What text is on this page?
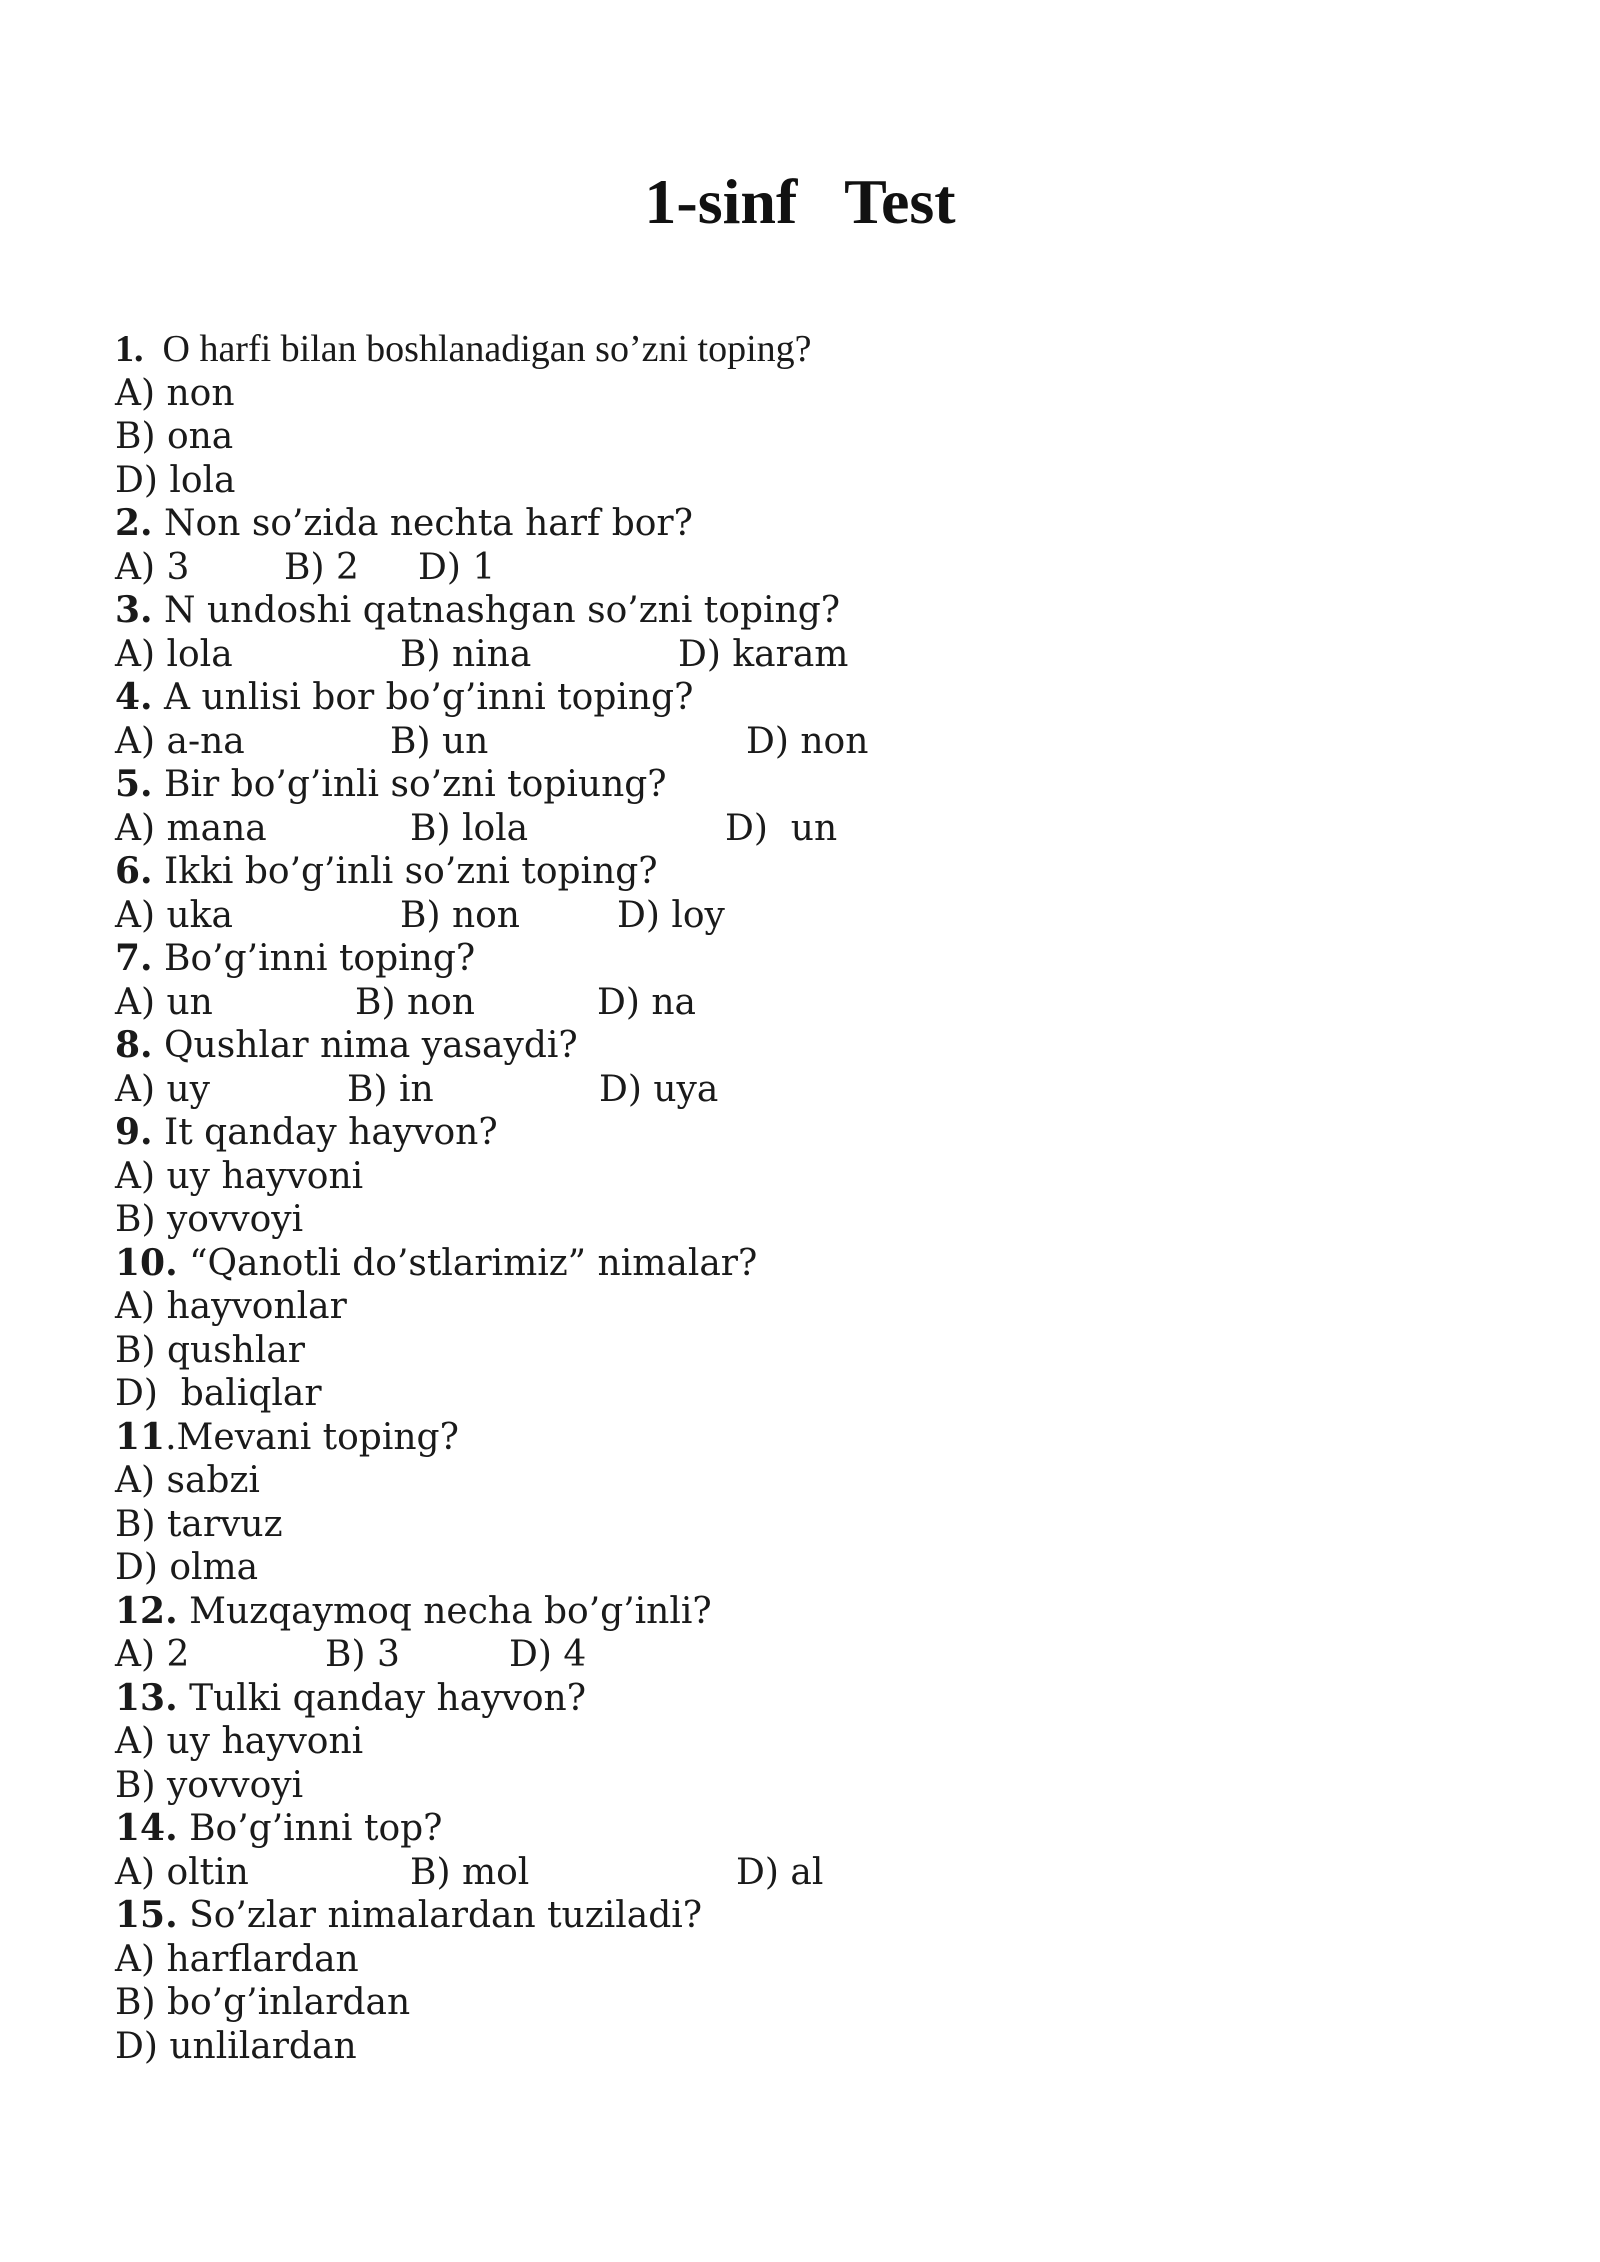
1-sinf   Test
1.  O harfi bilan boshlanadigan so’zni toping?
A) non
B) ona
D) lola
2. Non so’zida nechta harf bor?
A) 3	B) 2 D) 1
3. N undoshi qatnashgan so’zni toping?
A) lola	B) nina	D) karam
4. A unlisi bor bo’g’inni toping?
A) a-na	B) un	D) non
5. Bir bo’g’inli so’zni topiung?
A) mana	B) lola	D)  un
6. Ikki bo’g’inli so’zni toping?
A) uka	B) non	D) loy
7. Bo’g’inni toping?
A) un	B) non	D) na
8. Qushlar nima yasaydi?
A) uy	B) in	D) uya
9. It qanday hayvon?
A) uy hayvoni
B) yovvoyi
10. “Qanotli do’stlarimiz” nimalar?
A) hayvonlar
B) qushlar
D)  baliqlar
11.Mevani toping?
A) sabzi
B) tarvuz
D) olma
12. Muzqaymoq necha bo’g’inli?
A) 2	B) 3	D) 4
13. Tulki qanday hayvon?
A) uy hayvoni
B) yovvoyi
14. Bo’g’inni top?
A) oltin	B) mol	D) al
15. So’zlar nimalardan tuziladi?
A) harflardan
B) bo’g’inlardan
D) unlilardan
